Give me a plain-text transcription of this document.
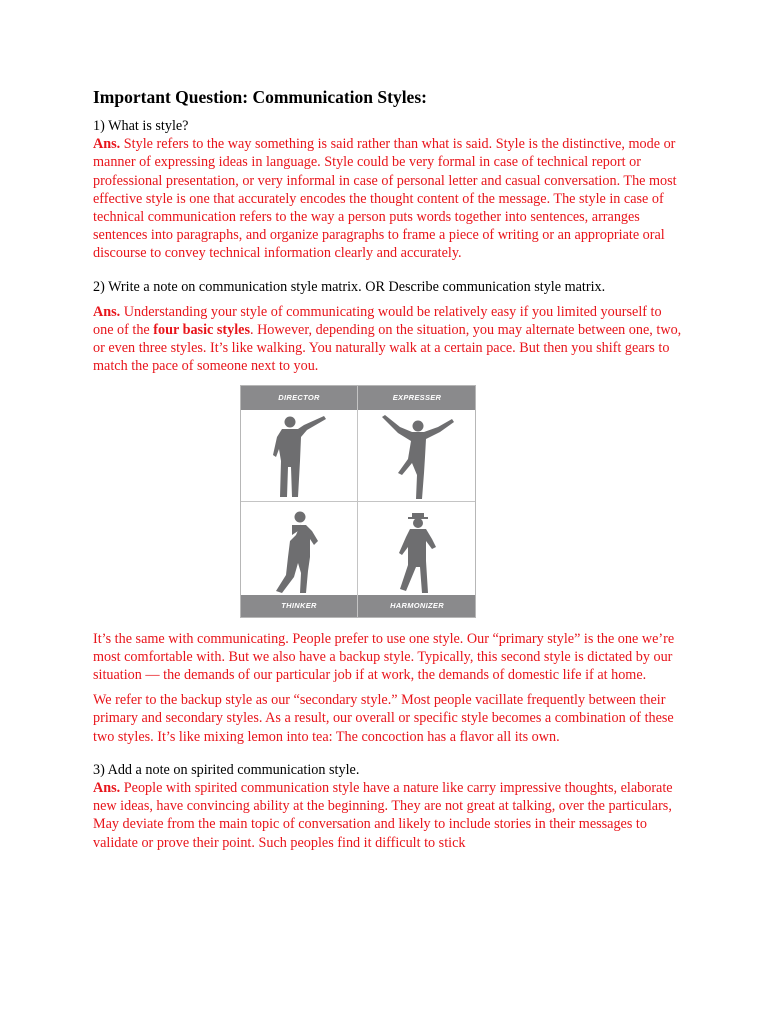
Important Question: Communication Styles:

1) What is style?

Ans. Style refers to the way something is said rather than what is said. Style is the distinctive, mode or manner of expressing ideas in language. Style could be very formal in case of technical report or professional presentation, or very informal in case of personal letter and casual conversation. The most effective style is one that accurately encodes the thought content of the message. The style in case of technical communication refers to the way a person puts words together into sentences, arranges sentences into paragraphs, and organize paragraphs to frame a piece of writing or an appropriate oral discourse to convey technical information clearly and accurately.

2) Write a note on communication style matrix. OR Describe communication style matrix.

Ans. Understanding your style of communicating would be relatively easy if you limited yourself to one of the four basic styles. However, depending on the situation, you may alternate between one, two, or even three styles. It’s like walking. You naturally walk at a certain pace. But then you shift gears to match the pace of someone next to you.

DIRECTOR	EXPRESSER
THINKER	HARMONIZER

It’s the same with communicating. People prefer to use one style. Our “primary style” is the one we’re most comfortable with. But we also have a backup style. Typically, this second style is dictated by our situation — the demands of our particular job if at work, the demands of domestic life if at home.

We refer to the backup style as our “secondary style.” Most people vacillate frequently between their primary and secondary styles. As a result, our overall or specific style becomes a combination of these two styles. It’s like mixing lemon into tea: The concoction has a flavor all its own.

3) Add a note on spirited communication style.

Ans. People with spirited communication style have a nature like carry impressive thoughts, elaborate new ideas, have convincing ability at the beginning. They are not great at talking, over the particulars, May deviate from the main topic of conversation and likely to include stories in their messages to validate or prove their point. Such peoples find it difficult to stick
